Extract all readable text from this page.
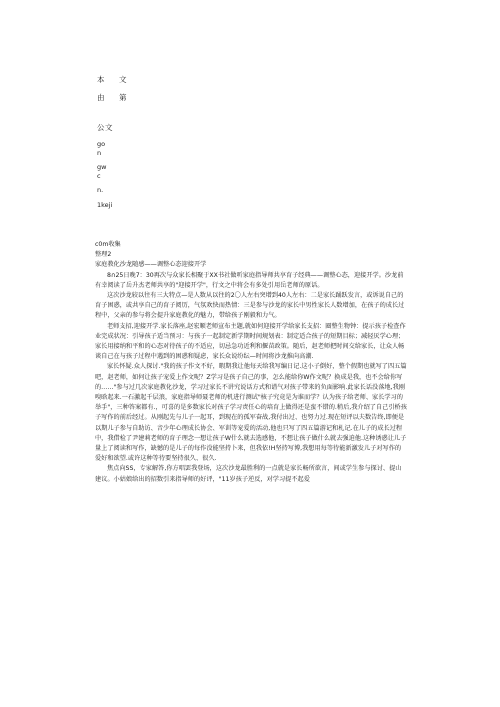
本 文
由 第
公文
go
n
gw
c
n.
1keji

c0m收集

整理2

家庭教化沙龙随感——调整心态迎接开学

8∩25日晚7：30再次与众家长相聚于XX书社做听家庭指导师共享育子经典——调整心态，迎接开学。沙龙前有幸阅读了岳升杰老师共享的"迎接开学"，行文之中将会有多处引用岳老师的原话。

这次沙龙较以往有三大特点—是人数从以往的2〇人左右突增到40人左右：二是家长踊跃发言，或诉说自己的育子困惑，或共享自己的育子阅历，气氛欢快而热情：三是参与沙龙的家长中男性家长人数增加，在孩子的成长过程中，父亲的参与将会提升家庭教化的魅力，带给孩子刚毅和力气。

老师支招,迎接开学.家长落座,赵宏顺老师宣布主题,就如何迎接开学给家长支招：圈整生物钟：提示孩子检查作业完成状况：引导孩子适当预习：与孩子一起制定新学期时间规划表：制定适合孩子的短期目标；减轻厌学心理；家长用接纳和平和的心态对待孩子的不适应，切忌急功近利和揠苗政策。随后，赵老师把时间交给家长，让众人畅谈自己在与孩子过程中遇到的困惑和疑虑，家长众说纷纭—时间将沙龙推向高潮.

家长怀疑.众人探讨."我的孩子作文不好，暇期我让他每天给我写编日记.这小子倒好，整个假期也就写了四五篇吧，赵老师，如何让孩子宠爱上作文呢？Z学习是孩子自己的事，怎么能给你W作文呢？换成是我，也不会给你写的……"参与过几次家庭教化沙龙，学习过家长不讲究说话方式和谱气对孩子带来的负面影响.此家长话没落地,我刚嗅晗起来.一石激起千层浪，家庭指导师聂老师的机进行测试"核子究竟是为谁而学？认为孩子给老师、家长学习的举手"，三种答案都有.，可喜的是多数家长对孩子学习责任心的培育上做得还是蛮不错的.稍后,我介绍了自己引桥孩子写作的前后经过。从刚起先与儿子一起耳，到现在的孤军奋战,我付出过、也努力过.现在短评以夫数告终,即便是以期儿子参与自助访、音少年心理成长协会、军训等宠爱的活动,他也只写了四五篇游记和札记.在儿子的成长过程中，我借检了尹建莉老师的育子理念一想让孩子W什么就去选感他，不想让孩子做什么就去强迫他.这种诱惑让儿子量上了阅读和写作，缺憾的是儿子的每作没能坚持卜来，但我依!H坚持写博,我想用每等待能新激发儿子对写作的爱好和欲望.或许这种等待要坚持很久、很久.

焦点向SS，专家解答,你方唱罢我登场，这次沙龙最胜利的一点就是家长畅所欲言，间或学生参与探讨、提山建议。小姑娘给出的招数引来指导师的好评，"11岁孩子逆反，对学习提不起爱
